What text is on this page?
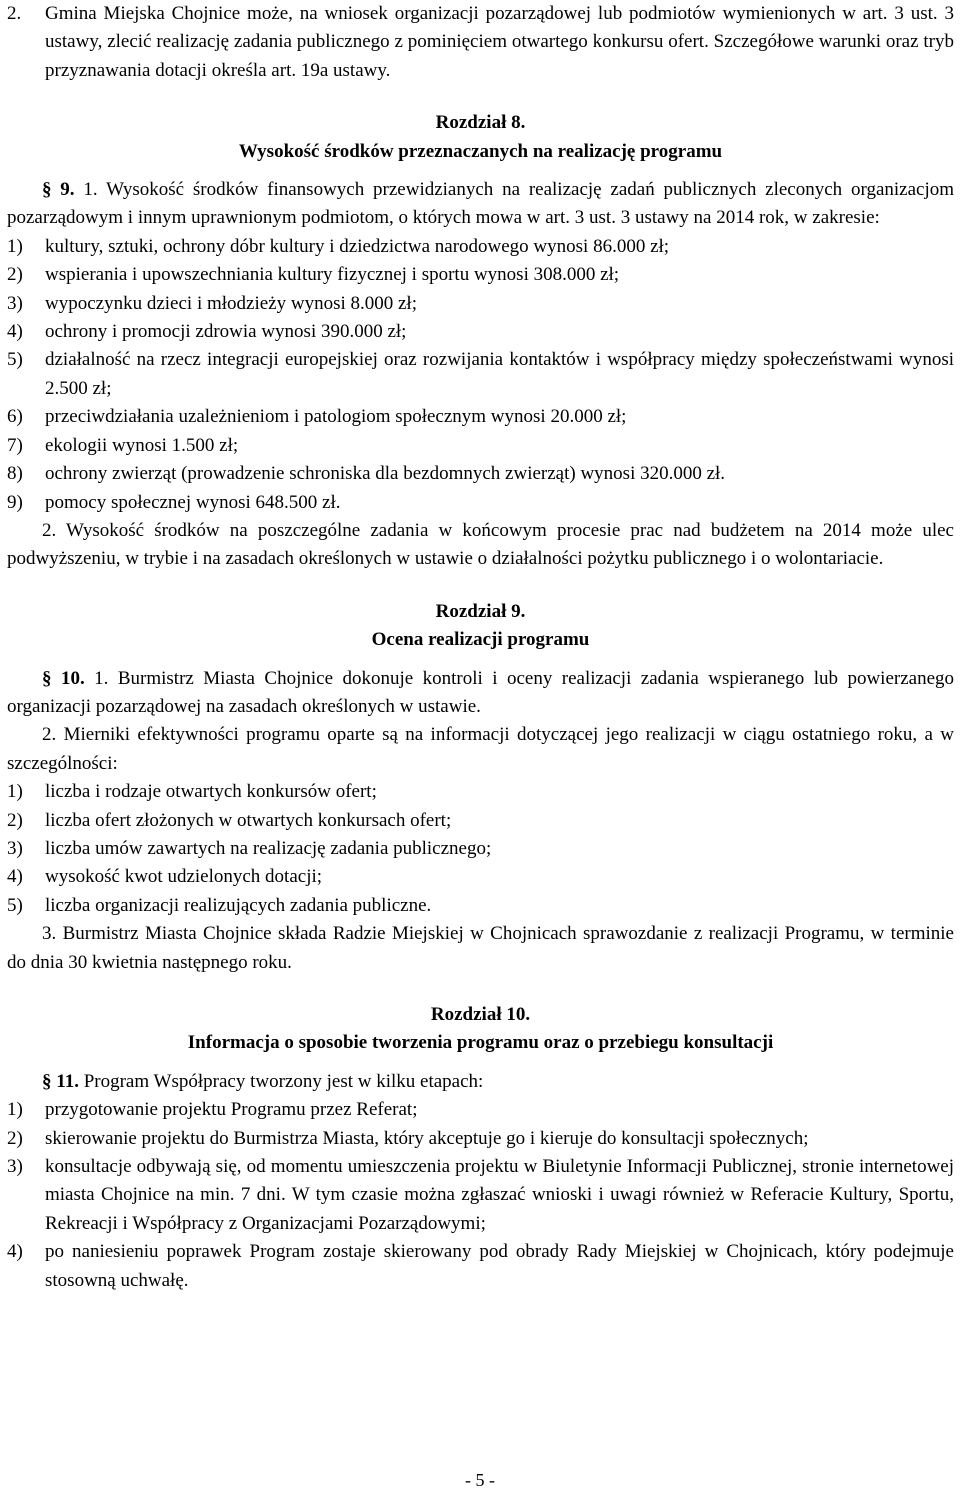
2.	Gmina Miejska Chojnice może, na wniosek organizacji pozarządowej lub podmiotów wymienionych w art. 3 ust. 3 ustawy, zlecić realizację zadania publicznego z pominięciem otwartego konkursu ofert. Szczegółowe warunki oraz tryb przyznawania dotacji określa art. 19a ustawy.

Rozdział 8.

Wysokość środków przeznaczanych na realizację programu

§ 9. 1. Wysokość środków finansowych przewidzianych na realizację zadań publicznych zleconych organizacjom pozarządowym i innym uprawnionym podmiotom, o których mowa w art. 3 ust. 3 ustawy na 2014 rok, w zakresie:

1)	kultury, sztuki, ochrony dóbr kultury i dziedzictwa narodowego wynosi 86.000 zł;
2)	wspierania i upowszechniania kultury fizycznej i sportu wynosi 308.000 zł;
3)	wypoczynku dzieci i młodzieży wynosi 8.000 zł;
4)	ochrony i promocji zdrowia wynosi 390.000 zł;
5)	działalność na rzecz integracji europejskiej oraz rozwijania kontaktów i współpracy między społeczeństwami wynosi 2.500 zł;
6)	przeciwdziałania uzależnieniom i patologiom społecznym wynosi 20.000 zł;
7)	ekologii wynosi 1.500 zł;
8)	ochrony zwierząt (prowadzenie schroniska dla bezdomnych zwierząt) wynosi 320.000 zł.
9)	pomocy społecznej wynosi 648.500 zł.

2. Wysokość środków na poszczególne zadania w końcowym procesie prac nad budżetem na 2014 może ulec podwyższeniu, w trybie i na zasadach określonych w ustawie o działalności pożytku publicznego i o wolontariacie.

Rozdział 9.

Ocena realizacji programu

§ 10. 1. Burmistrz Miasta Chojnice dokonuje kontroli i oceny realizacji zadania wspieranego lub powierzanego organizacji pozarządowej na zasadach określonych w ustawie.

2. Mierniki efektywności programu oparte są na informacji dotyczącej jego realizacji w ciągu ostatniego roku, a w szczególności:

1)	liczba i rodzaje otwartych konkursów ofert;
2)	liczba ofert złożonych w otwartych konkursach ofert;
3)	liczba umów zawartych na realizację zadania publicznego;
4)	wysokość kwot udzielonych dotacji;
5)	liczba organizacji realizujących zadania publiczne.

3. Burmistrz Miasta Chojnice składa Radzie Miejskiej w Chojnicach sprawozdanie z realizacji Programu, w terminie do dnia 30 kwietnia następnego roku.

Rozdział 10.

Informacja o sposobie tworzenia programu oraz o przebiegu konsultacji

§ 11. Program Współpracy tworzony jest w kilku etapach:

1)	przygotowanie projektu Programu przez Referat;
2)	skierowanie projektu do Burmistrza Miasta, który akceptuje go i kieruje do konsultacji społecznych;
3)	konsultacje odbywają się, od momentu umieszczenia projektu w Biuletynie Informacji Publicznej, stronie internetowej miasta Chojnice na min. 7 dni. W tym czasie można zgłaszać wnioski i uwagi również w Referacie Kultury, Sportu, Rekreacji i Współpracy z Organizacjami Pozarządowymi;
4)	po naniesieniu poprawek Program zostaje skierowany pod obrady Rady Miejskiej w Chojnicach, który podejmuje stosowną uchwałę.
- 5 -
